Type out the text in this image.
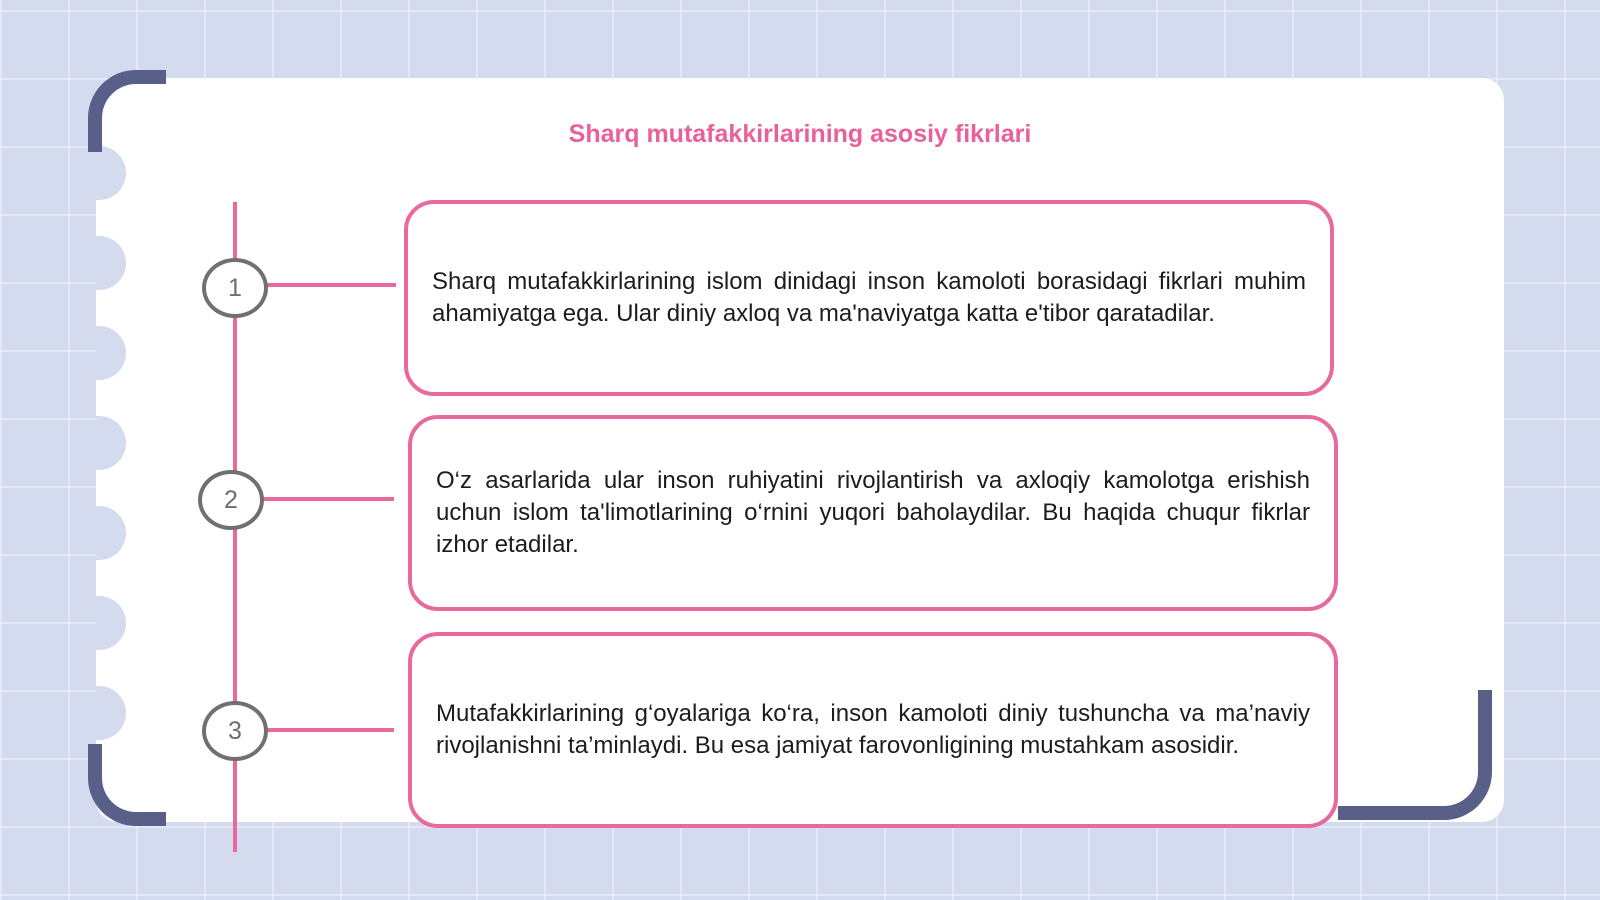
Sharq mutafakkirlarining asosiy fikrlari
1
2
3

Sharq mutafakkirlarining islom dinidagi inson kamoloti borasidagi fikrlari muhim ahamiyatga ega. Ular diniy axloq va ma'naviyatga katta e'tibor qaratadilar.

O‘z asarlarida ular inson ruhiyatini rivojlantirish va axloqiy kamolotga erishish uchun islom ta'limotlarining o‘rnini yuqori baholaydilar. Bu haqida chuqur fikrlar izhor etadilar.

Mutafakkirlarining g‘oyalariga ko‘ra, inson kamoloti diniy tushuncha va ma’naviy rivojlanishni ta’minlaydi. Bu esa jamiyat farovonligining mustahkam asosidir.
